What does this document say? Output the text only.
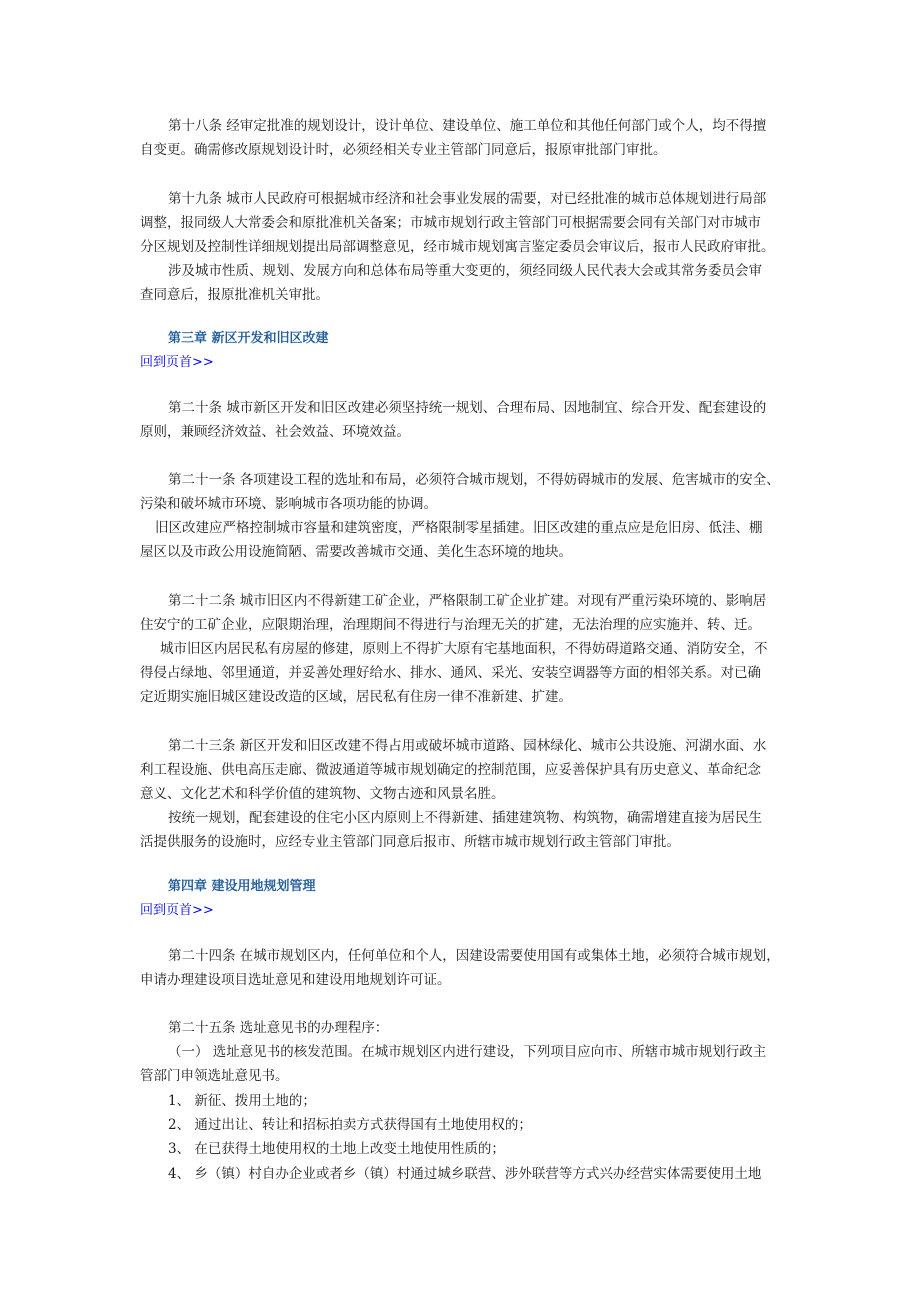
第十八条 经审定批准的规划设计，设计单位、建设单位、施工单位和其他任何部门或个人，均不得擅
自变更。确需修改原规划设计时，必须经相关专业主管部门同意后，报原审批部门审批。
第十九条 城市人民政府可根据城市经济和社会事业发展的需要，对已经批准的城市总体规划进行局部
调整，报同级人大常委会和原批准机关备案；市城市规划行政主管部门可根据需要会同有关部门对市城市
分区规划及控制性详细规划提出局部调整意见，经市城市规划寓言鉴定委员会审议后，报市人民政府审批。
涉及城市性质、规划、发展方向和总体布局等重大变更的，须经同级人民代表大会或其常务委员会审
查同意后，报原批准机关审批。
第三章 新区开发和旧区改建
回到页首>>
第二十条 城市新区开发和旧区改建必须坚持统一规划、合理布局、因地制宜、综合开发、配套建设的
原则，兼顾经济效益、社会效益、环境效益。
第二十一条 各项建设工程的选址和布局，必须符合城市规划，不得妨碍城市的发展、危害城市的安全、
污染和破坏城市环境、影响城市各项功能的协调。
旧区改建应严格控制城市容量和建筑密度，严格限制零星插建。旧区改建的重点应是危旧房、低洼、棚
屋区以及市政公用设施简陋、需要改善城市交通、美化生态环境的地块。
第二十二条 城市旧区内不得新建工矿企业，严格限制工矿企业扩建。对现有严重污染环境的、影响居
住安宁的工矿企业，应限期治理，治理期间不得进行与治理无关的扩建，无法治理的应实施并、转、迁。
城市旧区内居民私有房屋的修建，原则上不得扩大原有宅基地面积，不得妨碍道路交通、消防安全，不
得侵占绿地、邻里通道，并妥善处理好给水、排水、通风、采光、安装空调器等方面的相邻关系。对已确
定近期实施旧城区建设改造的区域，居民私有住房一律不准新建、扩建。
第二十三条 新区开发和旧区改建不得占用或破坏城市道路、园林绿化、城市公共设施、河湖水面、水
利工程设施、供电高压走廊、微波通道等城市规划确定的控制范围，应妥善保护具有历史意义、革命纪念
意义、文化艺术和科学价值的建筑物、文物古迹和风景名胜。
按统一规划，配套建设的住宅小区内原则上不得新建、插建建筑物、构筑物，确需增建直接为居民生
活提供服务的设施时，应经专业主管部门同意后报市、所辖市城市规划行政主管部门审批。
第四章 建设用地规划管理
回到页首>>
第二十四条 在城市规划区内，任何单位和个人，因建设需要使用国有或集体土地，必须符合城市规划，
申请办理建设项目选址意见和建设用地规划许可证。
第二十五条 选址意见书的办理程序：
（一） 选址意见书的核发范围。在城市规划区内进行建设，下列项目应向市、所辖市城市规划行政主
管部门申领选址意见书。
1、 新征、拨用土地的；
2、 通过出让、转让和招标拍卖方式获得国有土地使用权的；
3、 在已获得土地使用权的土地上改变土地使用性质的；
4、 乡（镇）村自办企业或者乡（镇）村通过城乡联营、涉外联营等方式兴办经营实体需要使用土地
